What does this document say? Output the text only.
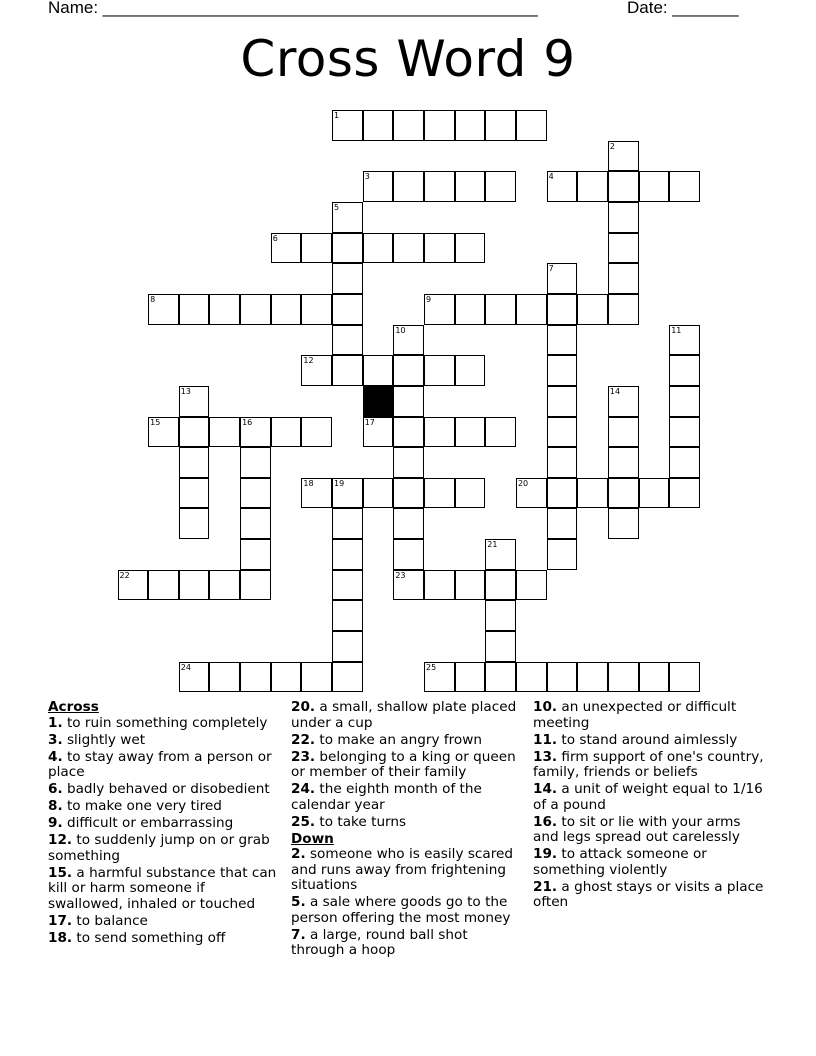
Name: ______________________________________________	Date: _______
Cross Word 9
1
3	4
6
8	9
12
15	16	17
18	19	20
22	23
24	25
2
5
7
10	11
13	14
21
Across
1. to ruin something completely
3. slightly wet
4. to stay away from a person or place
6. badly behaved or disobedient
8. to make one very tired
9. difficult or embarrassing
12. to suddenly jump on or grab something
15. a harmful substance that can kill or harm someone if swallowed, inhaled or touched
17. to balance
18. to send something off
20. a small, shallow plate placed under a cup
22. to make an angry frown
23. belonging to a king or queen or member of their family
24. the eighth month of the calendar year
25. to take turns
Down
2. someone who is easily scared and runs away from frightening situations
5. a sale where goods go to the person offering the most money
7. a large, round ball shot through a hoop
10. an unexpected or difficult meeting
11. to stand around aimlessly
13. firm support of one's country, family, friends or beliefs
14. a unit of weight equal to 1/16 of a pound
16. to sit or lie with your arms and legs spread out carelessly
19. to attack someone or something violently
21. a ghost stays or visits a place often
